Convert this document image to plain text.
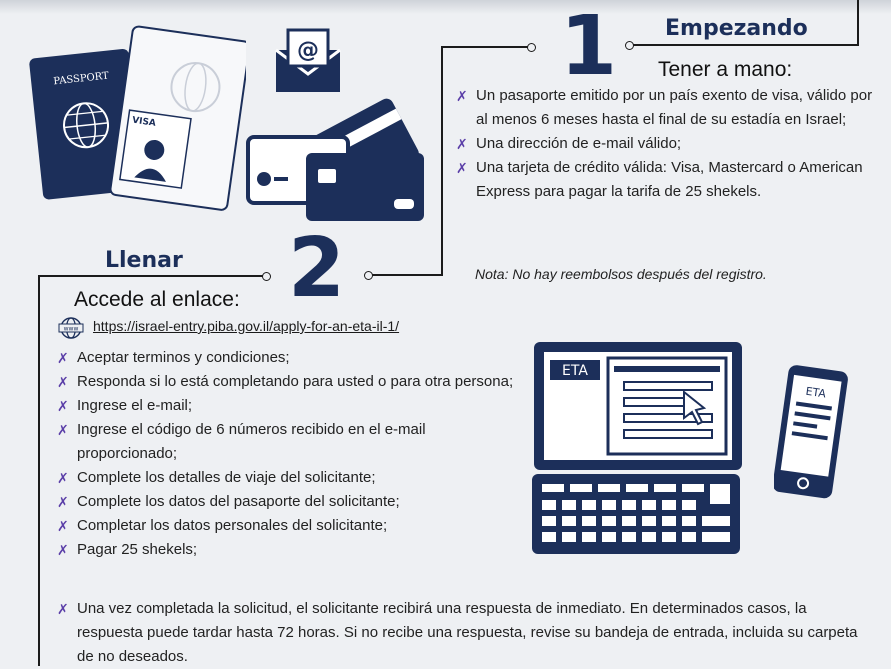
1 Empezando
Tener a mano:
✗ Un pasaporte emitido por un país exento de visa, válido por al menos 6 meses hasta el final de su estadía en Israel;
✗ Una dirección de e-mail válido;
✗ Una tarjeta de crédito válida: Visa, Mastercard o American Express para pagar la tarifa de 25 shekels.
Nota: No hay reembolsos después del registro.
Llenar 2
Accede al enlace:
www https://israel-entry.piba.gov.il/apply-for-an-eta-il-1/
✗ Aceptar terminos y condiciones;
✗ Responda si lo está completando para usted o para otra persona;
✗ Ingrese el e-mail;
✗ Ingrese el código de 6 números recibido en el e-mail proporcionado;
✗ Complete los detalles de viaje del solicitante;
✗ Complete los datos del pasaporte del solicitante;
✗ Completar los datos personales del solicitante;
✗ Pagar 25 shekels;
✗ Una vez completada la solicitud, el solicitante recibirá una respuesta de inmediato. En determinados casos, la respuesta puede tardar hasta 72 horas. Si no recibe una respuesta, revise su bandeja de entrada, incluida su carpeta de no deseados.
PASSPORT
VISA
@
ETA
ETA
